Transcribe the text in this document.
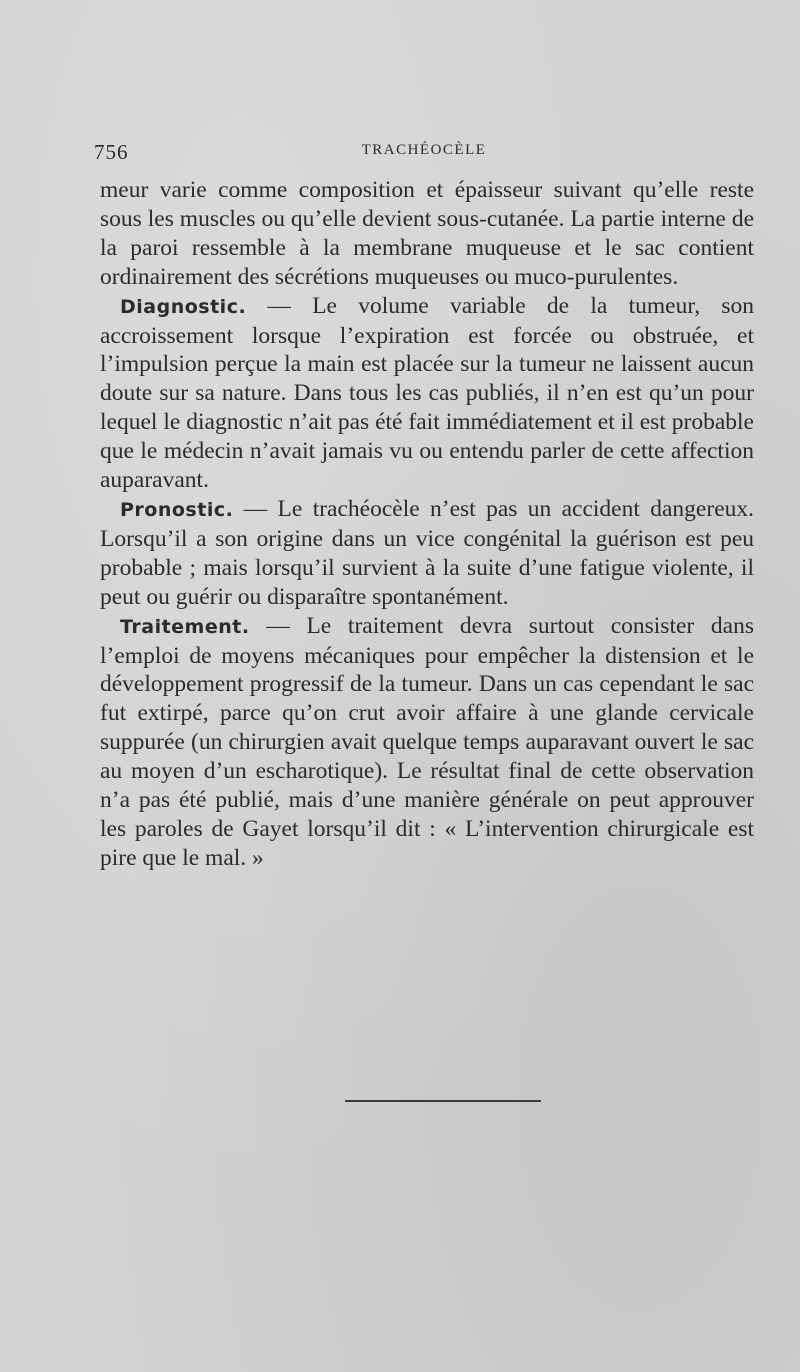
756	TRACHÉOCÈLE

meur varie comme composition et épaisseur suivant qu’elle reste sous les muscles ou qu’elle devient sous-cutanée. La partie interne de la paroi ressemble à la membrane muqueuse et le sac contient ordinairement des sécrétions muqueuses ou muco-purulentes.

Diagnostic. — Le volume variable de la tumeur, son accroissement lorsque l’expiration est forcée ou obstruée, et l’impulsion perçue la main est placée sur la tumeur ne laissent aucun doute sur sa nature. Dans tous les cas publiés, il n’en est qu’un pour lequel le diagnostic n’ait pas été fait immédiatement et il est probable que le médecin n’avait jamais vu ou entendu parler de cette affection auparavant.

Pronostic. — Le trachéocèle n’est pas un accident dangereux. Lorsqu’il a son origine dans un vice congénital la guérison est peu probable ; mais lorsqu’il survient à la suite d’une fatigue violente, il peut ou guérir ou disparaître spontanément.

Traitement. — Le traitement devra surtout consister dans l’emploi de moyens mécaniques pour empêcher la distension et le développement progressif de la tumeur. Dans un cas cependant le sac fut extirpé, parce qu’on crut avoir affaire à une glande cervicale suppurée (un chirurgien avait quelque temps auparavant ouvert le sac au moyen d’un escharotique). Le résultat final de cette observation n’a pas été publié, mais d’une manière générale on peut approuver les paroles de Gayet lorsqu’il dit : « L’intervention chirurgicale est pire que le mal. »
